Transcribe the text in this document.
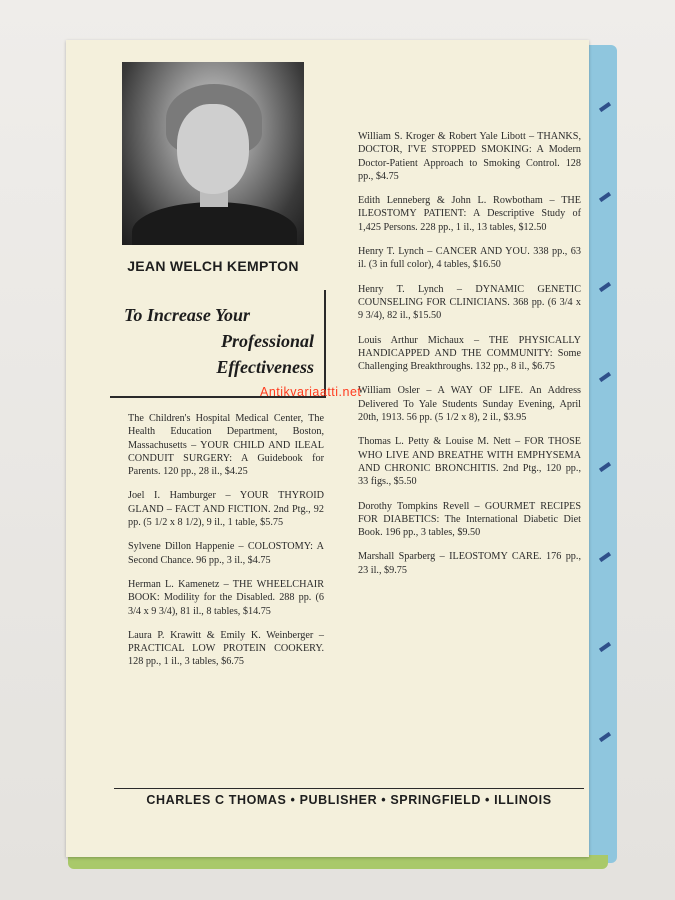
JEAN WELCH KEMPTON
To Increase Your
Professional
Effectiveness
The Children's Hospital Medical Center, The Health Education Department, Boston, Massachusetts – YOUR CHILD AND ILEAL CONDUIT SURGERY: A Guidebook for Parents. 120 pp., 28 il., $4.25
Joel I. Hamburger – YOUR THYROID GLAND – FACT AND FICTION. 2nd Ptg., 92 pp. (5 1/2 x 8 1/2), 9 il., 1 table, $5.75
Sylvene Dillon Happenie – COLOSTOMY: A Second Chance. 96 pp., 3 il., $4.75
Herman L. Kamenetz – THE WHEELCHAIR BOOK: Modility for the Disabled. 288 pp. (6 3/4 x 9 3/4), 81 il., 8 tables, $14.75
Laura P. Krawitt & Emily K. Weinberger – PRACTICAL LOW PROTEIN COOKERY. 128 pp., 1 il., 3 tables, $6.75
William S. Kroger & Robert Yale Libott – THANKS, DOCTOR, I'VE STOPPED SMOKING: A Modern Doctor-Patient Approach to Smoking Control. 128 pp., $4.75
Edith Lenneberg & John L. Rowbotham – THE ILEOSTOMY PATIENT: A Descriptive Study of 1,425 Persons. 228 pp., 1 il., 13 tables, $12.50
Henry T. Lynch – CANCER AND YOU. 338 pp., 63 il. (3 in full color), 4 tables, $16.50
Henry T. Lynch – DYNAMIC GENETIC COUNSELING FOR CLINICIANS. 368 pp. (6 3/4 x 9 3/4), 82 il., $15.50
Louis Arthur Michaux – THE PHYSICALLY HANDICAPPED AND THE COMMUNITY: Some Challenging Breakthroughs. 132 pp., 8 il., $6.75
William Osler – A WAY OF LIFE. An Address Delivered To Yale Students Sunday Evening, April 20th, 1913. 56 pp. (5 1/2 x 8), 2 il., $3.95
Thomas L. Petty & Louise M. Nett – FOR THOSE WHO LIVE AND BREATHE WITH EMPHYSEMA AND CHRONIC BRONCHITIS. 2nd Ptg., 120 pp., 33 figs., $5.50
Dorothy Tompkins Revell – GOURMET RECIPES FOR DIABETICS: The International Diabetic Diet Book. 196 pp., 3 tables, $9.50
Marshall Sparberg – ILEOSTOMY CARE. 176 pp., 23 il., $9.75
CHARLES C THOMAS • PUBLISHER • SPRINGFIELD • ILLINOIS
Antikvariaatti.net
